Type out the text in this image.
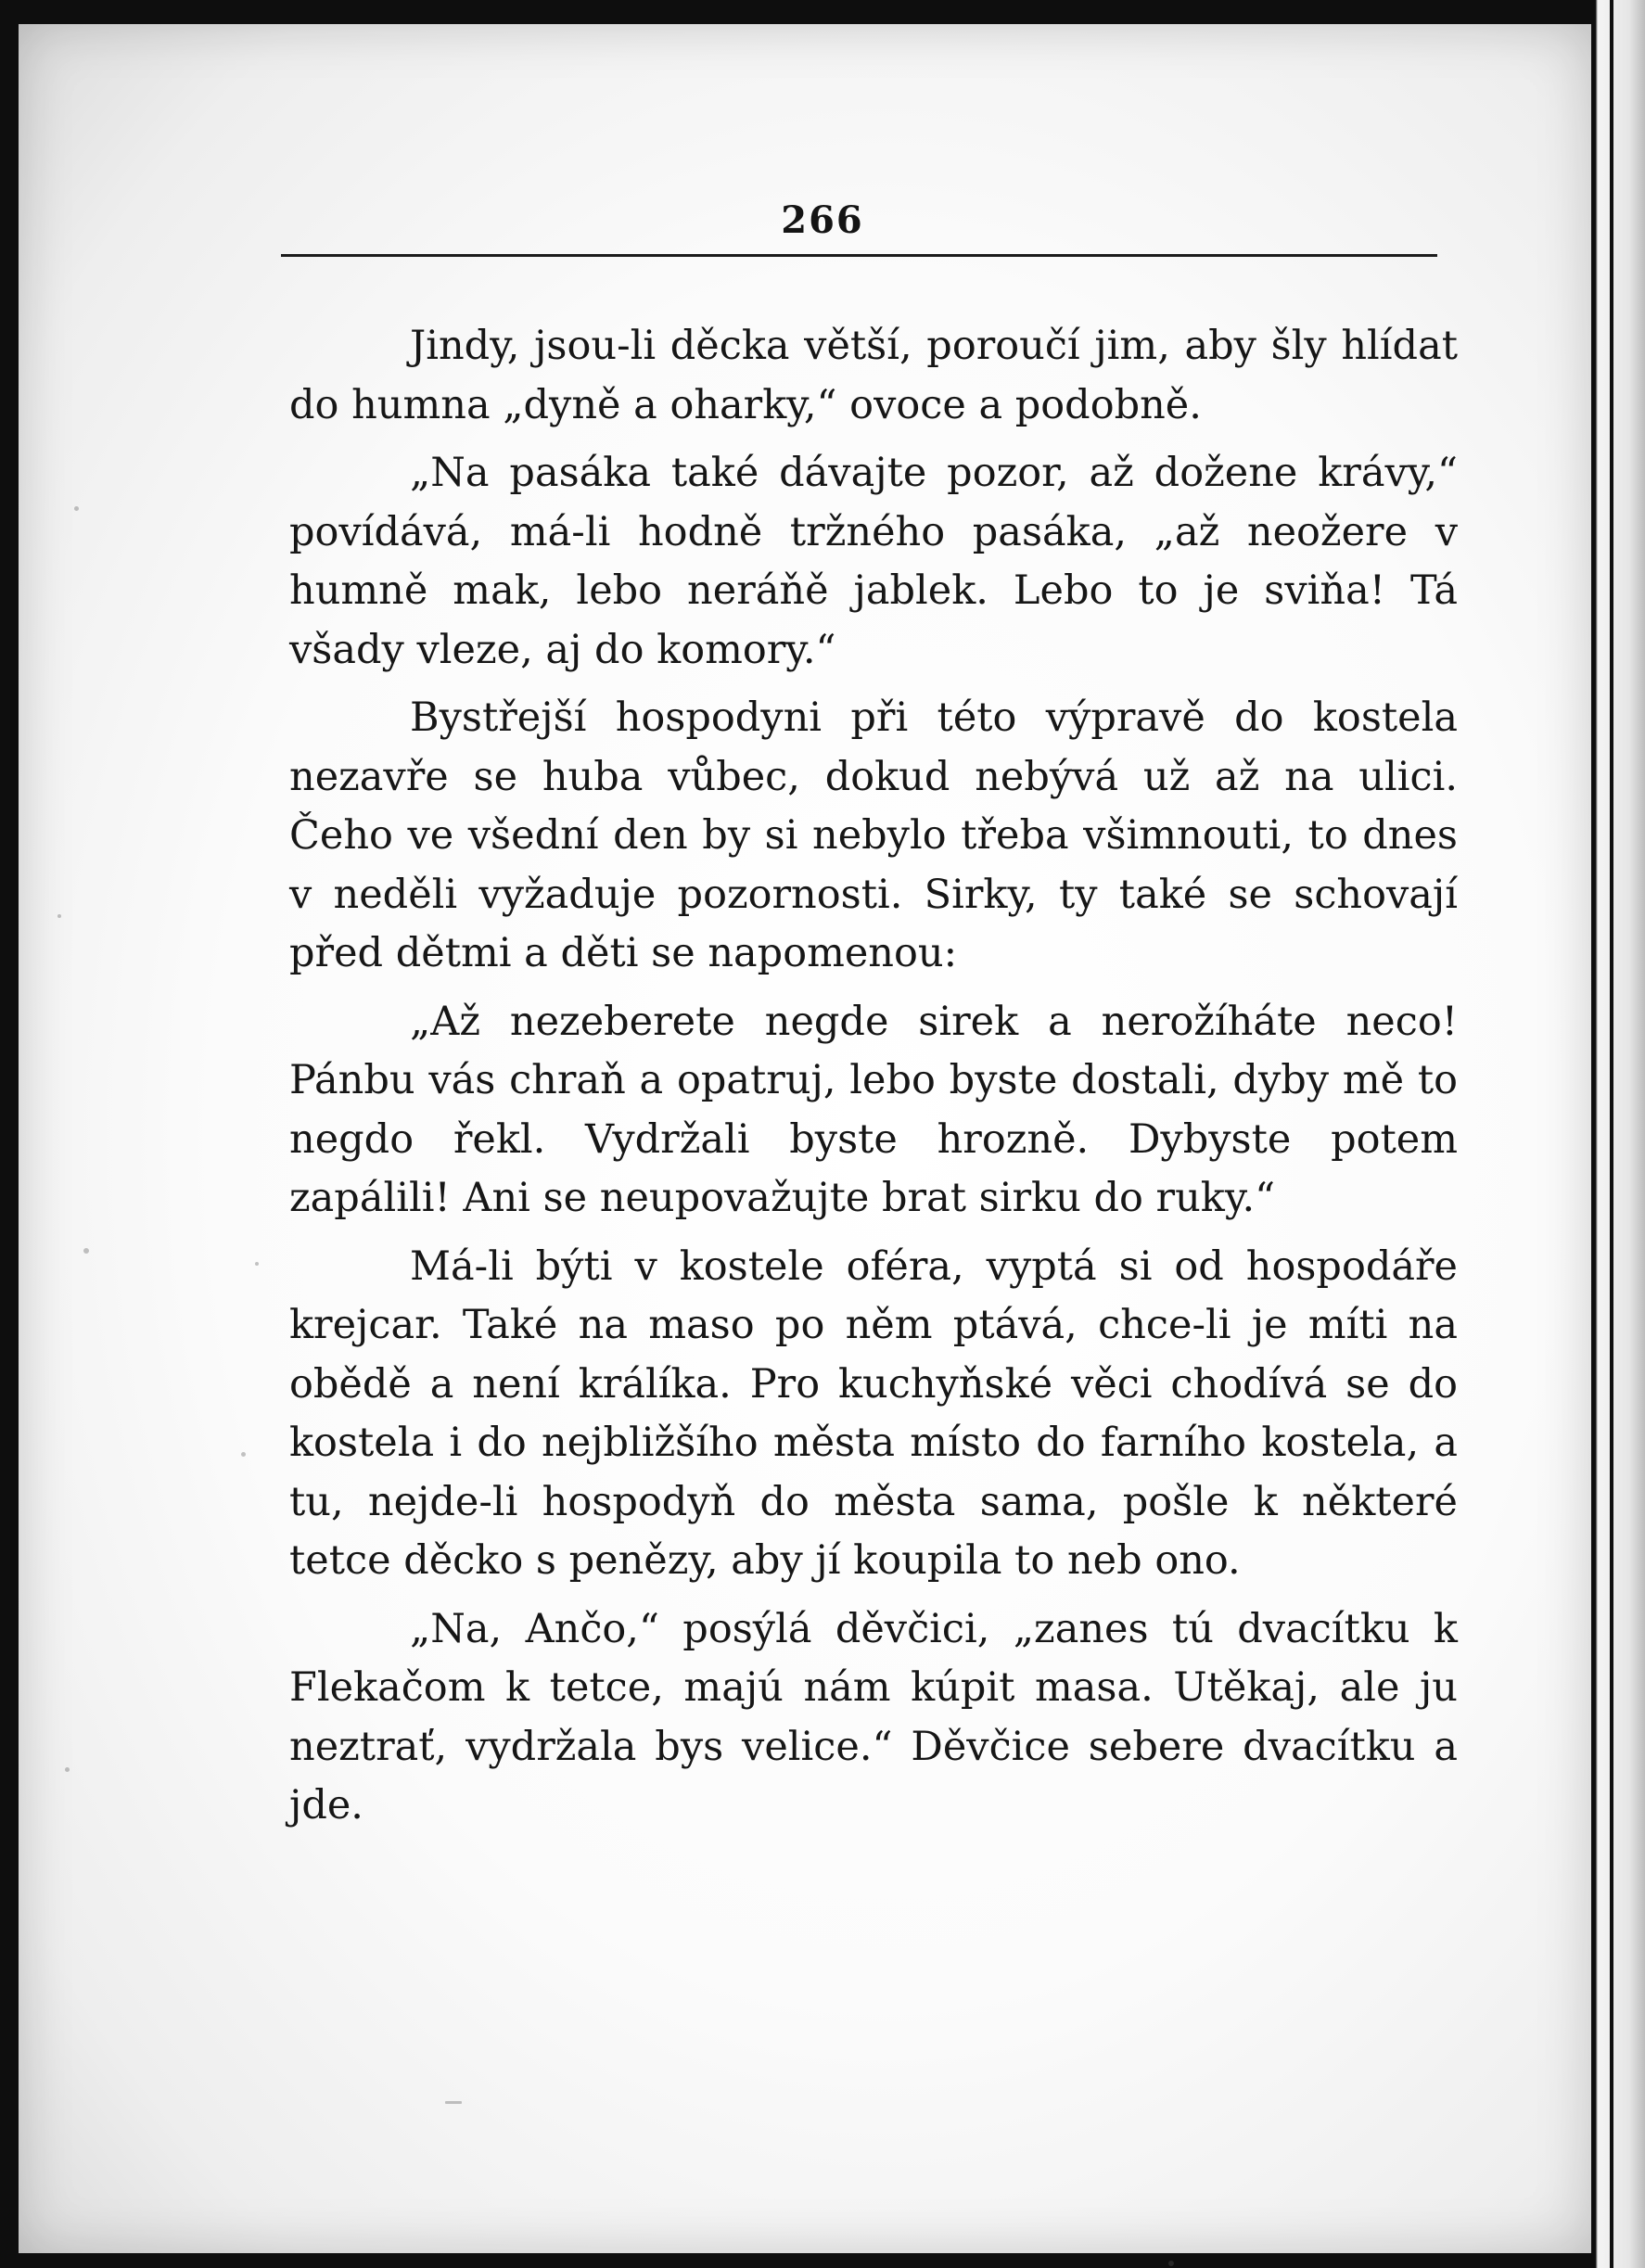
266

Jindy, jsou-li děcka větší, poroučí jim, aby šly hlídat do humna „dyně a oharky,“ ovoce a podobně.

„Na pasáka také dávajte pozor, až dožene krávy,“ povídává, má-li hodně tržného pasáka, „až neožere v humně mak, lebo neráňě jablek. Lebo to je sviňa! Tá všady vleze, aj do komory.“

Bystřejší hospodyni při této výpravě do kostela nezavře se huba vůbec, dokud nebývá už až na ulici. Čeho ve všední den by si nebylo třeba všimnouti, to dnes v neděli vyžaduje pozornosti. Sirky, ty také se schovají před dětmi a děti se napomenou:

„Až nezeberete negde sirek a nerožíháte neco! Pánbu vás chraň a opatruj, lebo byste dostali, dyby mě to negdo řekl. Vydržali byste hrozně. Dybyste potem zapálili! Ani se neupovažujte brat sirku do ruky.“

Má-li býti v kostele oféra, vyptá si od hospodáře krejcar. Také na maso po něm ptává, chce-li je míti na obědě a není králíka. Pro kuchyňské věci chodívá se do kostela i do nejbližšího města místo do farního kostela, a tu, nejde-li hospodyň do města sama, pošle k některé tetce děcko s penězy, aby jí koupila to neb ono.

„Na, Ančo,“ posýlá děvčici, „zanes tú dvacítku k Flekačom k tetce, majú nám kúpit masa. Utěkaj, ale ju neztrať, vydržala bys velice.“ Děvčice sebere dvacítku a jde.
